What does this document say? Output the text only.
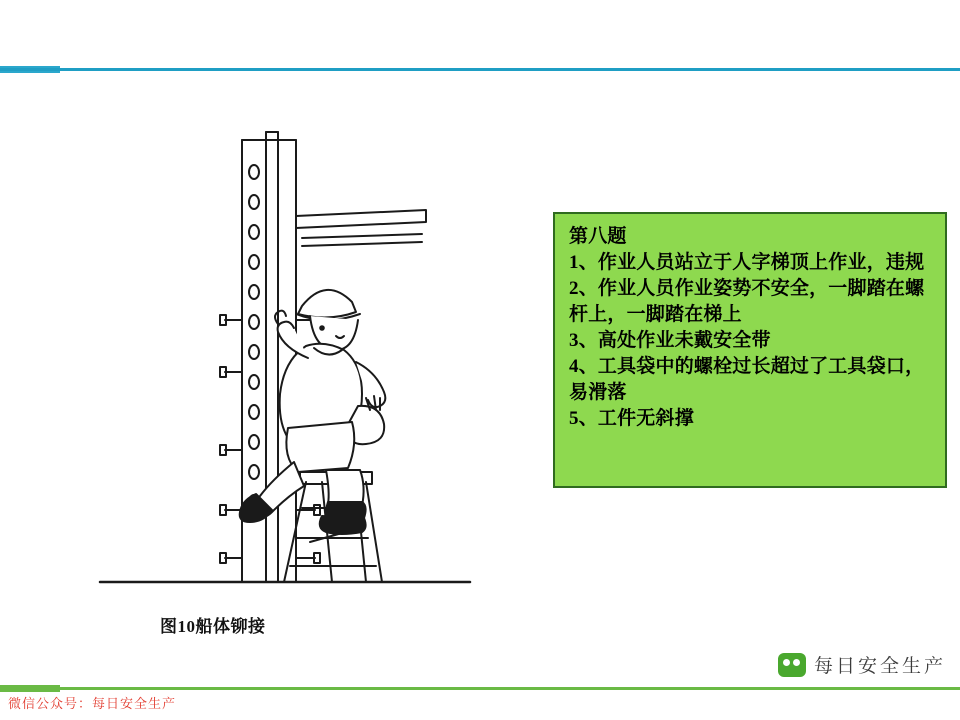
图10船体铆接
第八题
1、作业人员站立于人字梯顶上作业，违规
2、作业人员作业姿势不安全，一脚踏在螺杆上，一脚踏在梯上
3、高处作业未戴安全带
4、工具袋中的螺栓过长超过了工具袋口，易滑落
5、工件无斜撑
每日安全生产
微信公众号：每日安全生产
